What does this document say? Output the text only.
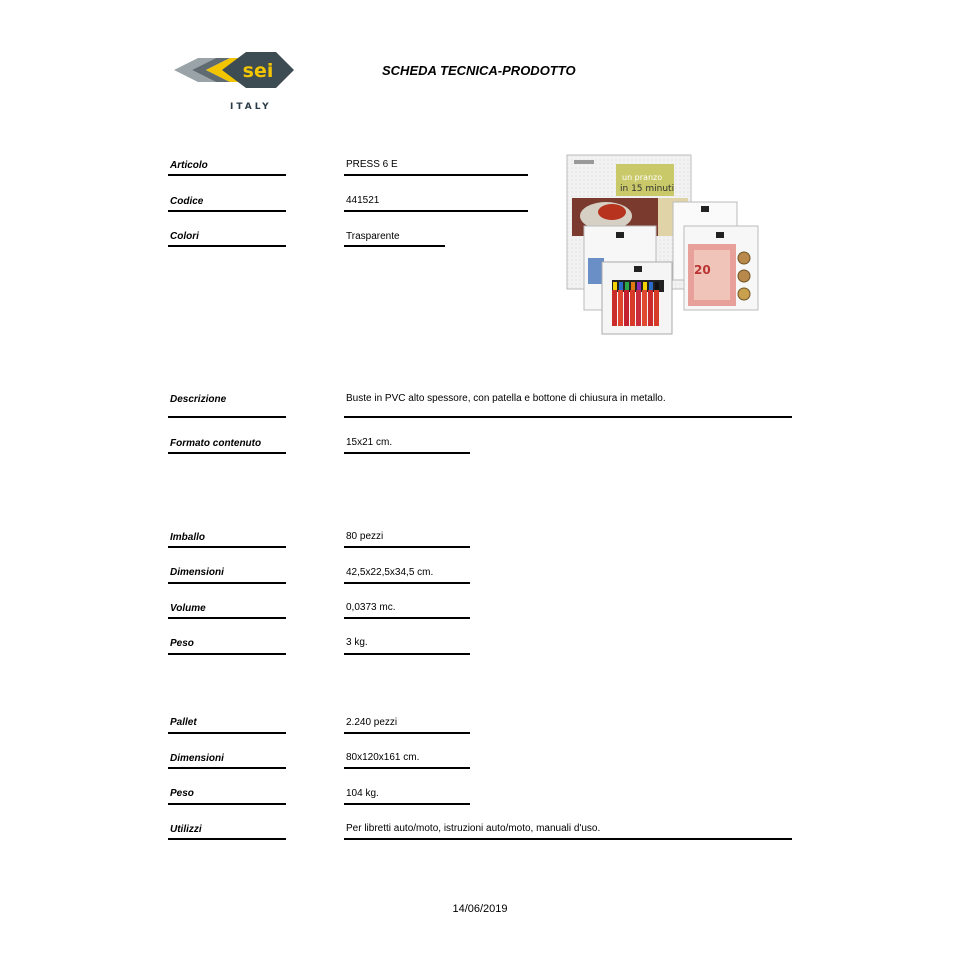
sei
ITALY
SCHEDA TECNICA-PRODOTTO
Articolo	PRESS 6 E
Codice	441521
Colori	Trasparente
un pranzo
in 15 minuti
20
Descrizione	Buste in PVC alto spessore, con patella e bottone di chiusura in metallo.
Formato contenuto	15x21 cm.
Imballo	80 pezzi
Dimensioni	42,5x22,5x34,5 cm.
Volume	0,0373 mc.
Peso	3 kg.
Pallet	2.240 pezzi
Dimensioni	80x120x161 cm.
Peso	104 kg.
Utilizzi	Per libretti auto/moto, istruzioni auto/moto, manuali d'uso.
14/06/2019
